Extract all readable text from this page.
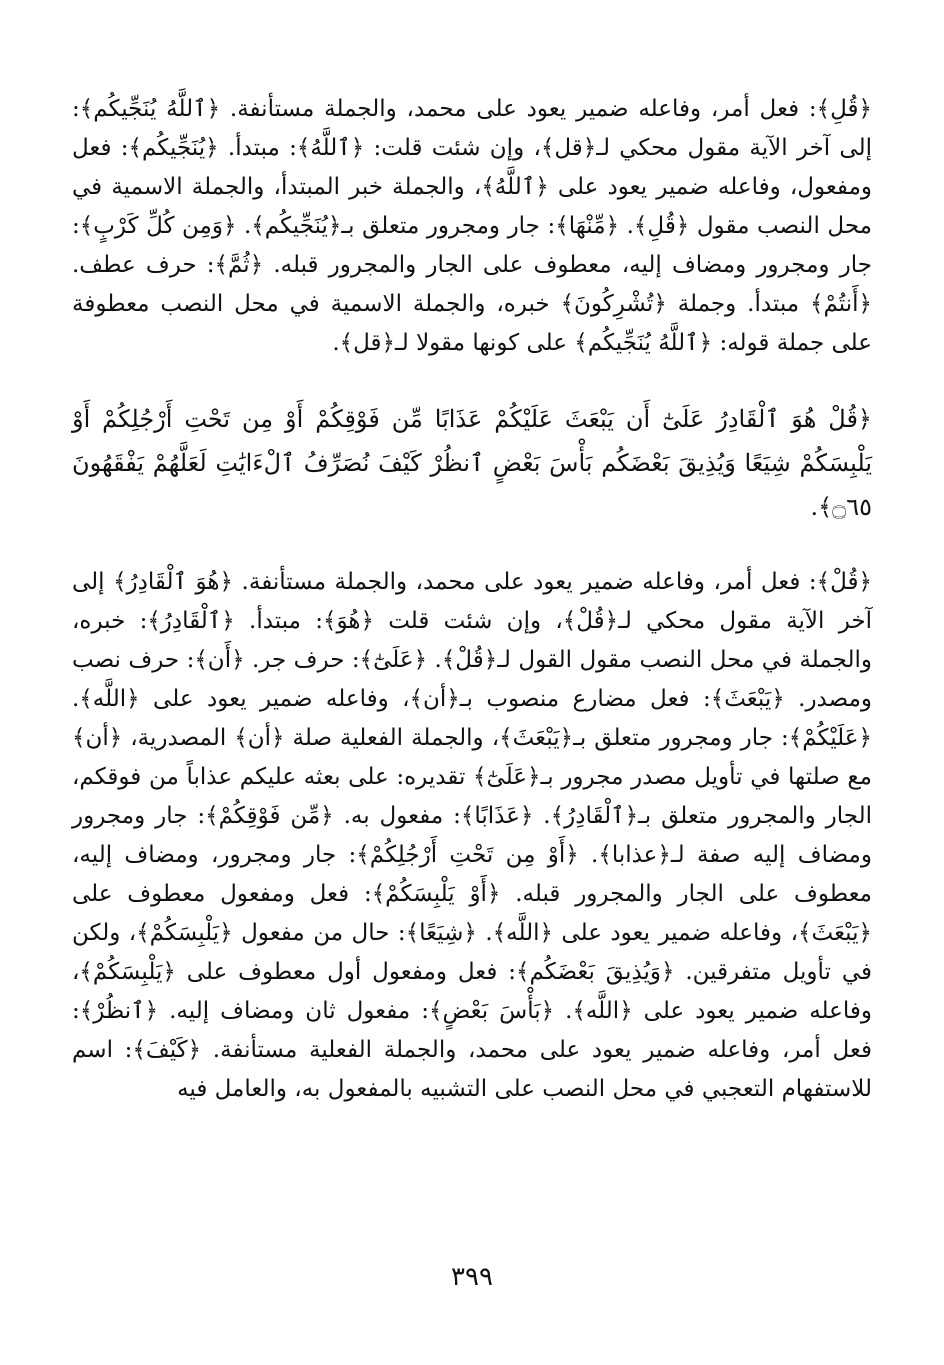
﴿قُلِ﴾: فعل أمر، وفاعله ضمير يعود على محمد، والجملة مستأنفة. ﴿ٱللَّهُ يُنَجِّيكُم﴾: إلى آخر الآية مقول محكي لـ﴿قل﴾، وإن شئت قلت: ﴿ٱللَّهُ﴾: مبتدأ. ﴿يُنَجِّيكُم﴾: فعل ومفعول، وفاعله ضمير يعود على ﴿ٱللَّهُ﴾، والجملة خبر المبتدأ، والجملة الاسمية في محل النصب مقول ﴿قُلِ﴾. ﴿مِّنْهَا﴾: جار ومجرور متعلق بـ﴿يُنَجِّيكُم﴾. ﴿وَمِن كُلِّ كَرْبٍ﴾: جار ومجرور ومضاف إليه، معطوف على الجار والمجرور قبله. ﴿ثُمَّ﴾: حرف عطف. ﴿أَنتُمْ﴾ مبتدأ. وجملة ﴿تُشْرِكُونَ﴾ خبره، والجملة الاسمية في محل النصب معطوفة على جملة قوله: ﴿ٱللَّهُ يُنَجِّيكُم﴾ على كونها مقولا لـ﴿قل﴾.

﴿قُلْ هُوَ ٱلْقَادِرُ عَلَىٰٓ أَن يَبْعَثَ عَلَيْكُمْ عَذَابًا مِّن فَوْقِكُمْ أَوْ مِن تَحْتِ أَرْجُلِكُمْ أَوْ يَلْبِسَكُمْ شِيَعًا وَيُذِيقَ بَعْضَكُم بَأْسَ بَعْضٍ ٱنظُرْ كَيْفَ نُصَرِّفُ ٱلْءَايَٰتِ لَعَلَّهُمْ يَفْقَهُونَ ۝٦٥﴾.

﴿قُلْ﴾: فعل أمر، وفاعله ضمير يعود على محمد، والجملة مستأنفة. ﴿هُوَ ٱلْقَادِرُ﴾ إلى آخر الآية مقول محكي لـ﴿قُلْ﴾، وإن شئت قلت ﴿هُوَ﴾: مبتدأ. ﴿ٱلْقَادِرُ﴾: خبره، والجملة في محل النصب مقول القول لـ﴿قُلْ﴾. ﴿عَلَىٰٓ﴾: حرف جر. ﴿أَن﴾: حرف نصب ومصدر. ﴿يَبْعَثَ﴾: فعل مضارع منصوب بـ﴿أن﴾، وفاعله ضمير يعود على ﴿اللَّه﴾. ﴿عَلَيْكُمْ﴾: جار ومجرور متعلق بـ﴿يَبْعَثَ﴾، والجملة الفعلية صلة ﴿أن﴾ المصدرية، ﴿أن﴾ مع صلتها في تأويل مصدر مجرور بـ﴿عَلَىٰٓ﴾ تقديره: على بعثه عليكم عذاباً من فوقكم، الجار والمجرور متعلق بـ﴿ٱلْقَادِرُ﴾. ﴿عَذَابًا﴾: مفعول به. ﴿مِّن فَوْقِكُمْ﴾: جار ومجرور ومضاف إليه صفة لـ﴿عذابا﴾. ﴿أَوْ مِن تَحْتِ أَرْجُلِكُمْ﴾: جار ومجرور، ومضاف إليه، معطوف على الجار والمجرور قبله. ﴿أَوْ يَلْبِسَكُمْ﴾: فعل ومفعول معطوف على ﴿يَبْعَثَ﴾، وفاعله ضمير يعود على ﴿اللَّه﴾. ﴿شِيَعًا﴾: حال من مفعول ﴿يَلْبِسَكُمْ﴾، ولكن في تأويل متفرقين. ﴿وَيُذِيقَ بَعْضَكُم﴾: فعل ومفعول أول معطوف على ﴿يَلْبِسَكُمْ﴾، وفاعله ضمير يعود على ﴿اللَّه﴾. ﴿بَأْسَ بَعْضٍ﴾: مفعول ثان ومضاف إليه. ﴿ٱنظُرْ﴾: فعل أمر، وفاعله ضمير يعود على محمد، والجملة الفعلية مستأنفة. ﴿كَيْفَ﴾: اسم للاستفهام التعجبي في محل النصب على التشبيه بالمفعول به، والعامل فيه

٣٩٩
